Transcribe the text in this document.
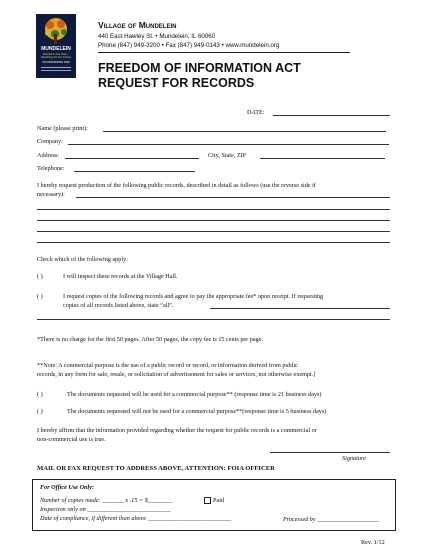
MUNDELEIN
Rooted in Our Past... Reaching for Our Future
INCORPORATED 1909
Village of Mundelein
440 East Hawley St. • Mundelein, IL 60060
Phone (847) 949-3200 • Fax (847) 949-0143 • www.mundelein.org
FREEDOM OF INFORMATION ACT
REQUEST FOR RECORDS
DATE:
Name (please print):
Company:
Address:	City, State, ZIP
Telephone:
I hereby request production of the following public records, described in detail as follows (use the reverse side if
necessary):
Check which of the following apply:
( )	I will inspect these records at the Village Hall.
( )	I request copies of the following records and agree to pay the appropriate fee* upon receipt. If requesting
copies of all records listed above, state “all”.
*There is no charge for the first 50 pages. After 50 pages, the copy fee is 15 cents per page.
**Note: A commercial purpose is the use of a public record or record, or information derived from public
records, in any form for sale, resale, or solicitation of advertisement for sales or services, not otherwise exempt.]
( )	The documents requested will be used for a commercial purpose** (response time is 21 business days)
( )	The documents requested will not be used for a commercial purpose**(response time is 5 business days)
I hereby affirm that the information provided regarding whether the request for public records is a commercial or
non-commercial use is true.
Signature
MAIL OR FAX REQUEST TO ADDRESS ABOVE, ATTENTION: FOIA OFFICER
For Office Use Only:
Number of copies made: _______ x .15 = $________	Paid
Inspection only on ___________________________
Date of compliance, if different than above ___________________________	Processed by ____________________
Rev. 1/12
